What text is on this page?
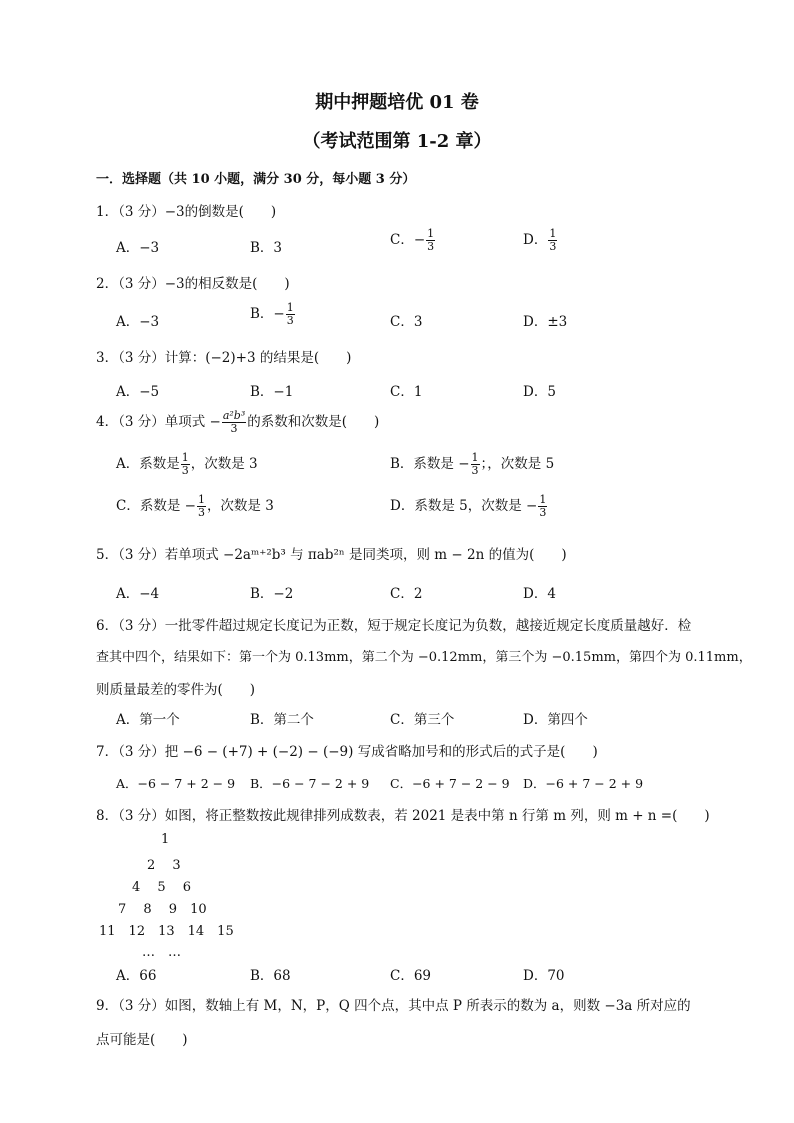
期中押题培优 01 卷
（考试范围第 1-2 章）
一．选择题（共 10 小题，满分 30 分，每小题 3 分）
1．（3 分）−3的倒数是(　　)
A．−3	B．3	C．− $\frac{1}{3}$	D． $\frac{1}{3}$
2．（3 分）−3的相反数是(　　)
A．−3	B．− $\frac{1}{3}$	C．3	D．±3
3．（3 分）计算：(−2)+3 的结果是(　　)
A．−5	B．−1	C．1	D．5
4．（3 分）单项式 − $\frac{\text{a²b³}}{3}$ 的系数和次数是(　　)
A．系数是 $\frac{1}{3}$ ，次数是 3	B．系数是 − $\frac{1}{3}$ ；，次数是 5
C．系数是 − $\frac{1}{3}$ ，次数是 3	D．系数是 5，次数是 − $\frac{1}{3}$
5．（3 分）若单项式 −2aᵐ⁺²b³ 与 πab²ⁿ 是同类项，则 m − 2n 的值为(　　)
A．−4	B．−2	C．2	D．4
6．（3 分）一批零件超过规定长度记为正数，短于规定长度记为负数，越接近规定长度质量越好．检
查其中四个，结果如下：第一个为 0.13mm，第二个为 −0.12mm，第三个为 −0.15mm，第四个为 0.11mm，
则质量最差的零件为(　　)
A．第一个	B．第二个	C．第三个	D．第四个
7．（3 分）把 −6 − (+7) + (−2) − (−9) 写成省略加号和的形式后的式子是(　　)
A．−6 − 7 + 2 − 9 B．−6 − 7 − 2 + 9 C．−6 + 7 − 2 − 9 D．−6 + 7 − 2 + 9
8．（3 分）如图，将正整数按此规律排列成数表，若 2021 是表中第 n 行第 m 列，则 m + n =(　　)
1
2　 3
4　 5　 6
7　 8　 9　10
11　12　13　14　15
…　…
A．66	B．68	C．69	D．70
9．（3 分）如图，数轴上有 M，N，P，Q 四个点，其中点 P 所表示的数为 a，则数 −3a 所对应的
点可能是(　　)
